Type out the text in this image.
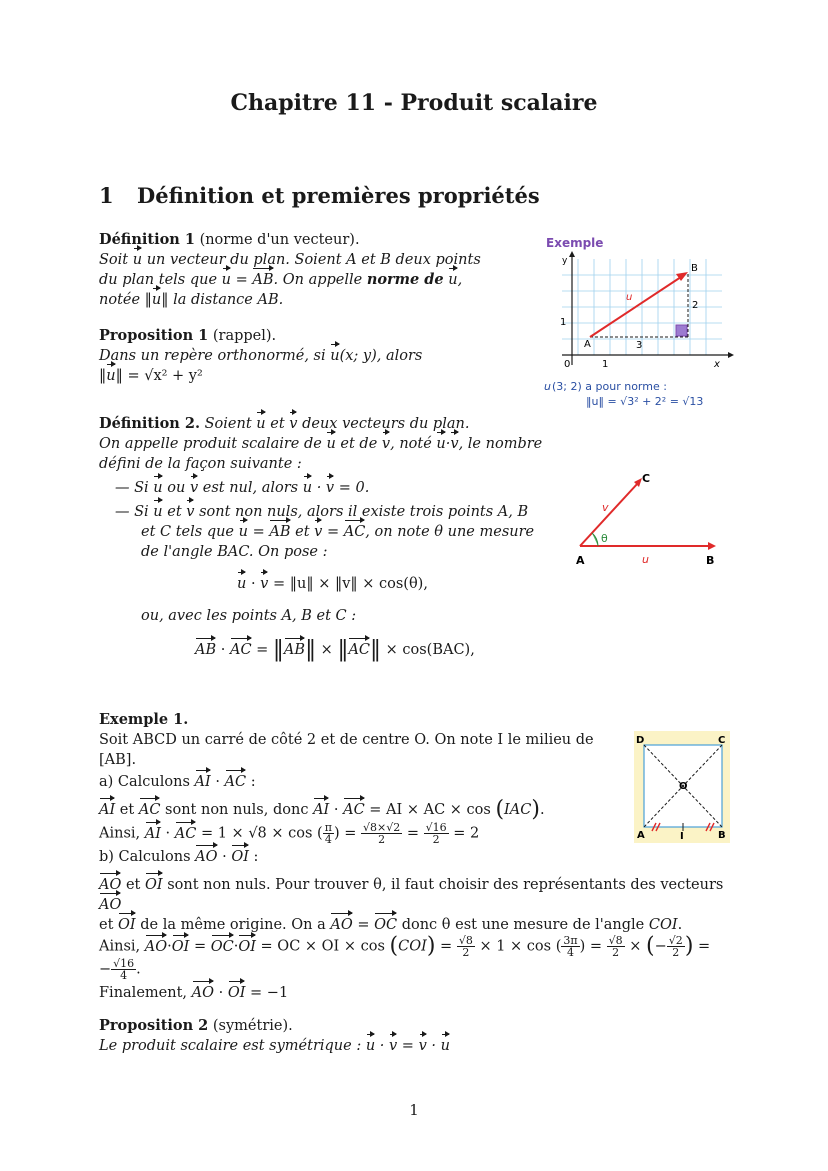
Chapitre 11 - Produit scalaire
1 Définition et premières propriétés

Définition 1 (norme d'un vecteur).

Soit u un vecteur du plan. Soient A et B deux points

du plan tels que u = AB. On appelle norme de u,

notée ‖u‖ la distance AB.

Proposition 1 (rappel).

Dans un repère orthonormé, si u(x; y), alors

‖u‖ = √x² + y²

Exemple
B
A
u
2
3
y
1
0	1	x
u (3; 2) a pour norme :
‖u‖ = √3² + 2² = √13

Définition 2. Soient u et v deux vecteurs du plan.

On appelle produit scalaire de u et de v, noté u·v, le nombre

défini de la façon suivante :

— Si u ou v est nul, alors u · v = 0.

— Si u et v sont non nuls, alors il existe trois points A, B

et C tels que u = AB et v = AC, on note θ une mesure

de l'angle BAC. On pose :

u · v = ‖u‖ × ‖v‖ × cos(θ),

ou, avec les points A, B et C :

AB · AC = ‖AB‖ × ‖AC‖ × cos(BAC),

θ
C
A	B
u
v

Exemple 1.

Soit ABCD un carré de côté 2 et de centre O. On note I le milieu de

[AB].

a) Calculons AI · AC :

AI et AC sont non nuls, donc AI · AC = AI × AC × cos (IAC).

Ainsi, AI · AC = 1 × √8 × cos ( $\frac{\pi}{4}$ ) = $\frac{√8\times√2}{2} = \frac{√16}{2} = 2$

b) Calculons AO · OI :

AO et OI sont non nuls. Pour trouver θ, il faut choisir des représentants des vecteurs AO

et OI de la même origine. On a AO = OC donc θ est une mesure de l'angle COI.

Ainsi, AO·OI = OC·OI = OC × OI × $\cos (COI) = \frac{√8}{2} \times 1 \times \cos$ ( $\frac{3\pi}{4}$ ) = $\frac{√8}{2}$ × (− $\frac{√2}{2}$ ) =

− $\frac{√16}{4}$ .

Finalement, AO · OI = −1

D	C
A	B
O
I

Proposition 2 (symétrie).

Le produit scalaire est symétrique : u · v = v · u

1
